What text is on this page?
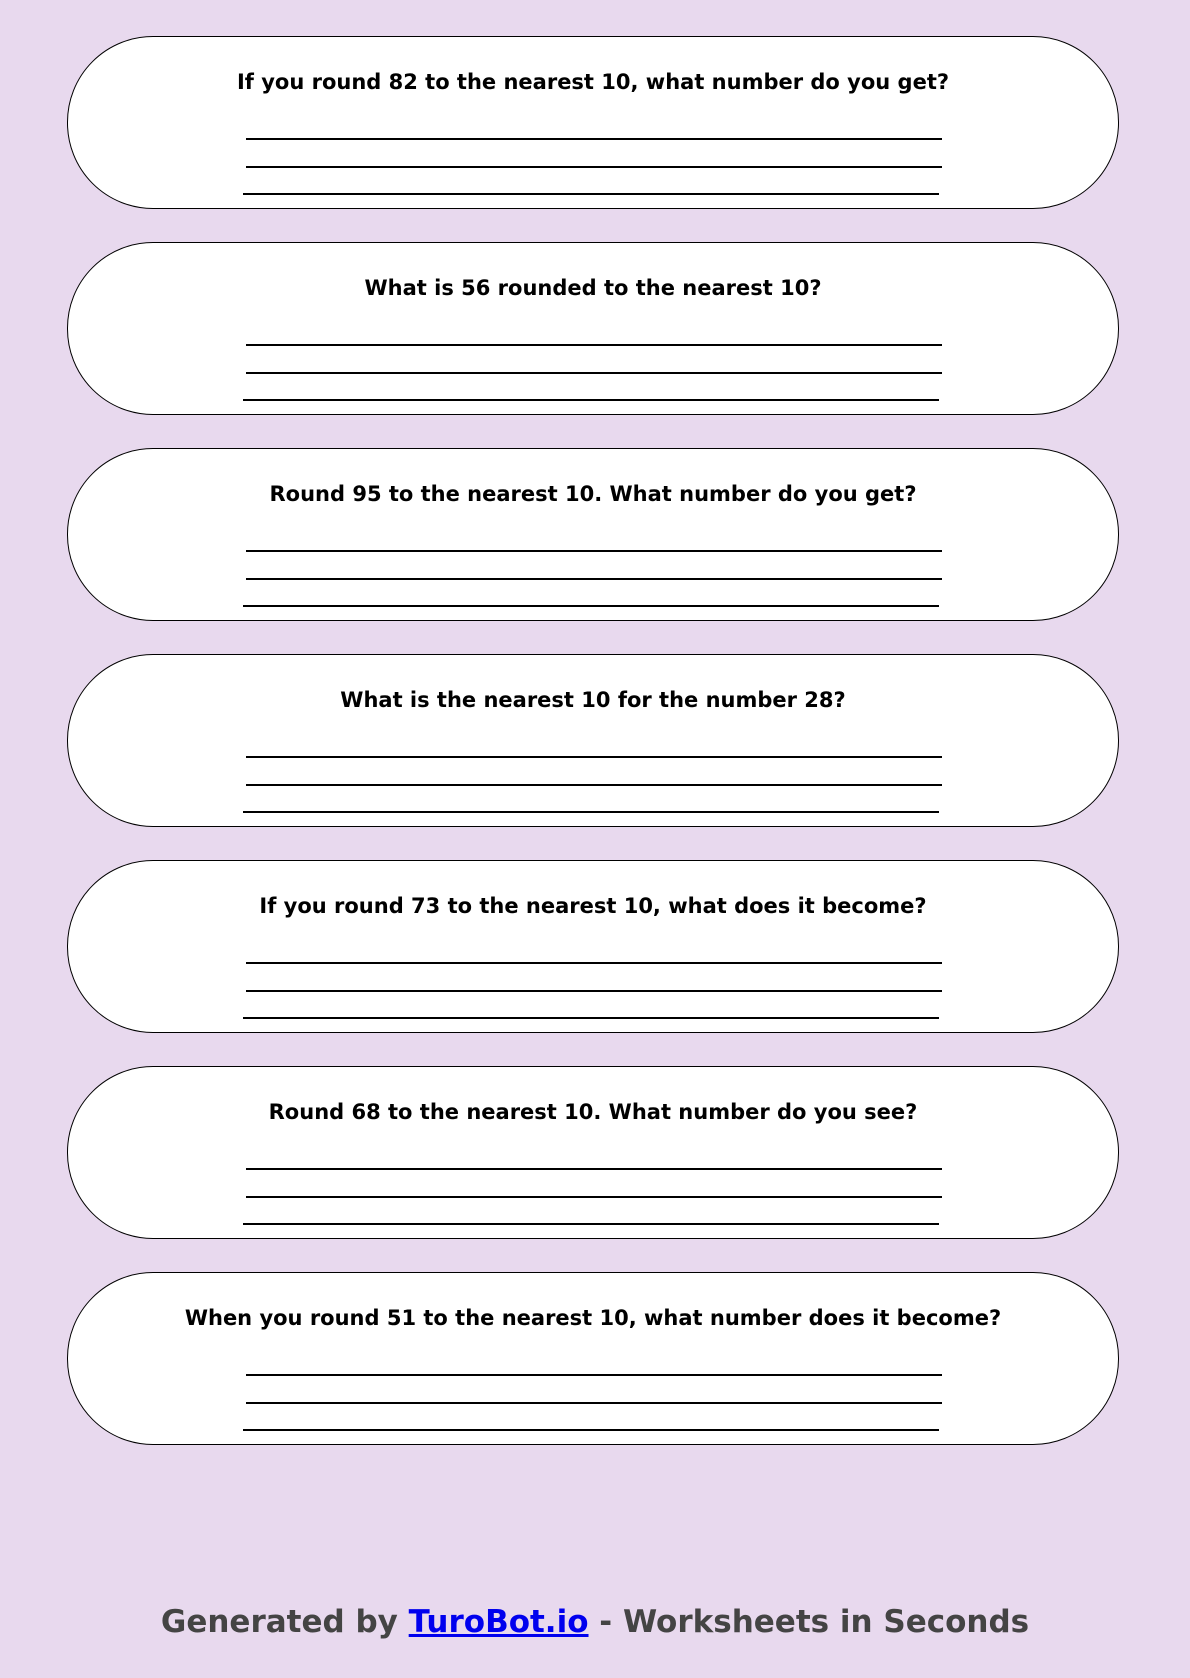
If you round 82 to the nearest 10, what number do you get?
What is 56 rounded to the nearest 10?
Round 95 to the nearest 10. What number do you get?
What is the nearest 10 for the number 28?
If you round 73 to the nearest 10, what does it become?
Round 68 to the nearest 10. What number do you see?
When you round 51 to the nearest 10, what number does it become?
Generated by TuroBot.io - Worksheets in Seconds
